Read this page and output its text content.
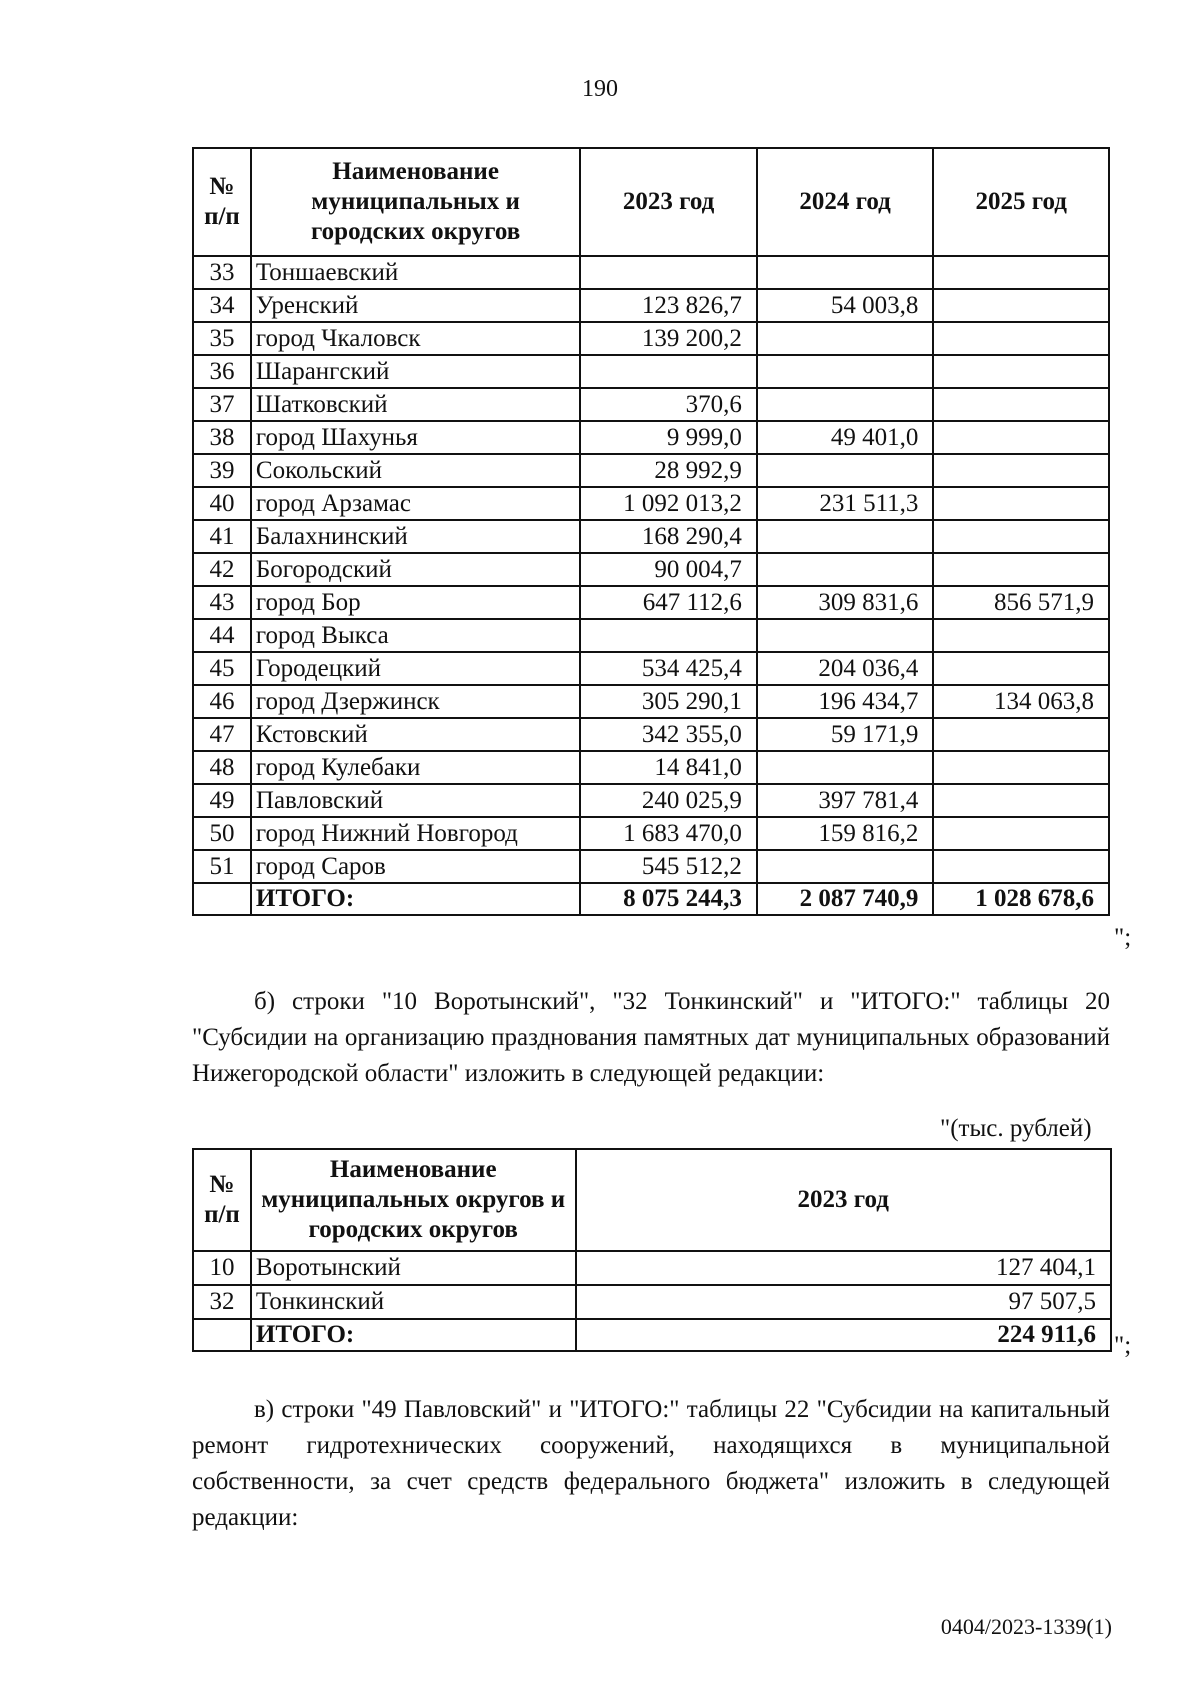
190
№ п/п	Наименование муниципальных и городских округов	2023 год	2024 год	2025 год
33	Тоншаевский			
34	Уренский	123 826,7	54 003,8	
35	город Чкаловск	139 200,2		
36	Шарангский			
37	Шатковский	370,6		
38	город Шахунья	9 999,0	49 401,0	
39	Сокольский	28 992,9		
40	город Арзамас	1 092 013,2	231 511,3	
41	Балахнинский	168 290,4		
42	Богородский	90 004,7		
43	город Бор	647 112,6	309 831,6	856 571,9
44	город Выкса			
45	Городецкий	534 425,4	204 036,4	
46	город Дзержинск	305 290,1	196 434,7	134 063,8
47	Кстовский	342 355,0	59 171,9	
48	город Кулебаки	14 841,0		
49	Павловский	240 025,9	397 781,4	
50	город Нижний Новгород	1 683 470,0	159 816,2	
51	город Саров	545 512,2		
	ИТОГО:	8 075 244,3	2 087 740,9	1 028 678,6
";
б) строки "10 Воротынский", "32 Тонкинский" и "ИТОГО:" таблицы 20 "Субсидии на организацию празднования памятных дат муниципальных образований Нижегородской области" изложить в следующей редакции:
"(тыс. рублей)
№ п/п	Наименование муниципальных округов и городских округов	2023 год
10	Воротынский	127 404,1
32	Тонкинский	97 507,5
	ИТОГО:	224 911,6 ";
в) строки "49 Павловский" и "ИТОГО:" таблицы 22 "Субсидии на капитальный ремонт гидротехнических сооружений, находящихся в муниципальной собственности, за счет средств федерального бюджета" изложить в следующей редакции:
0404/2023-1339(1)
